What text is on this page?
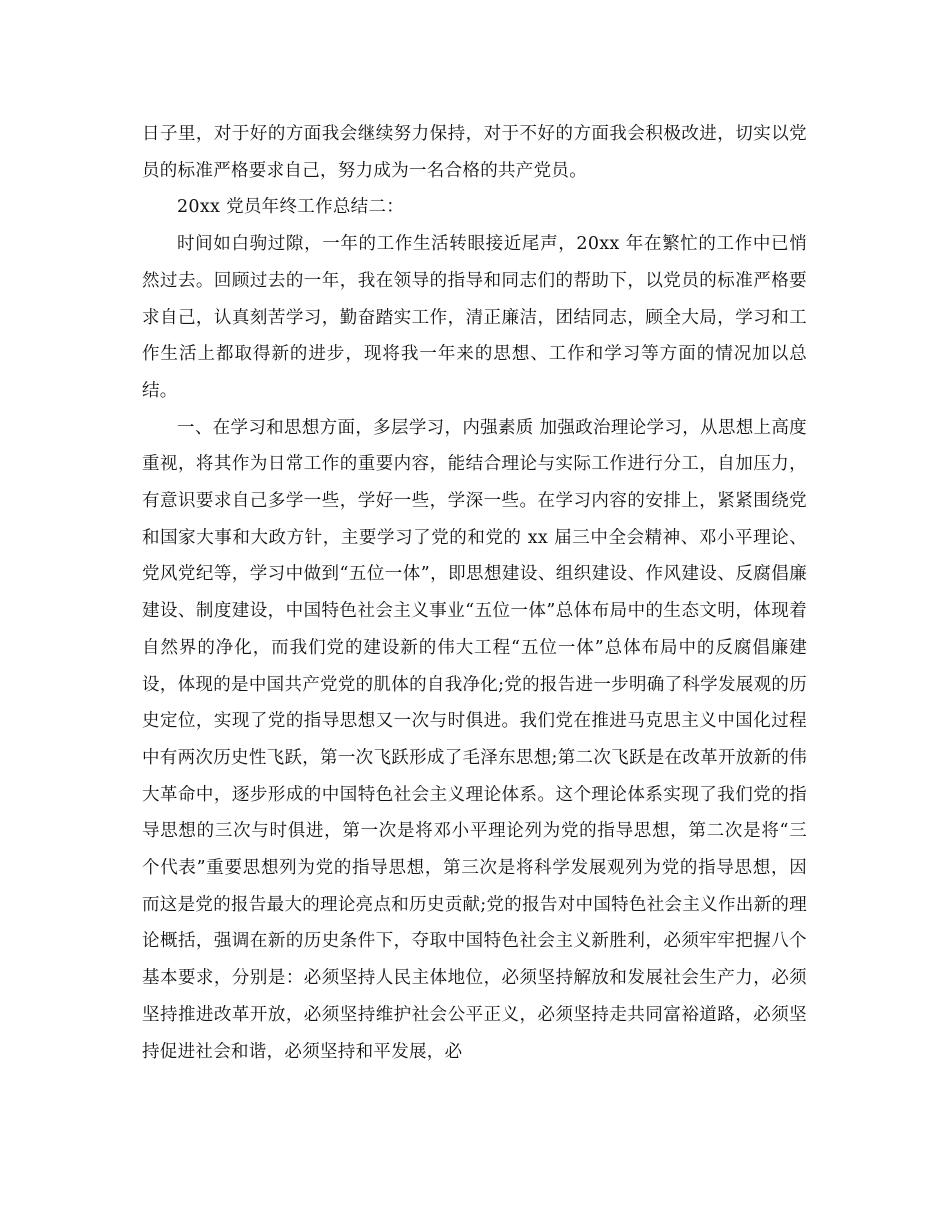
日子里，对于好的方面我会继续努力保持，对于不好的方面我会积极改进，切实以党员的标准严格要求自己，努力成为一名合格的共产党员。

20xx 党员年终工作总结二：

时间如白驹过隙，一年的工作生活转眼接近尾声，20xx 年在繁忙的工作中已悄然过去。回顾过去的一年，我在领导的指导和同志们的帮助下，以党员的标准严格要求自己，认真刻苦学习，勤奋踏实工作，清正廉洁，团结同志，顾全大局，学习和工作生活上都取得新的进步，现将我一年来的思想、工作和学习等方面的情况加以总结。

一、在学习和思想方面，多层学习，内强素质 加强政治理论学习，从思想上高度重视，将其作为日常工作的重要内容，能结合理论与实际工作进行分工，自加压力，有意识要求自己多学一些，学好一些，学深一些。在学习内容的安排上，紧紧围绕党和国家大事和大政方针，主要学习了党的和党的 xx 届三中全会精神、邓小平理论、党风党纪等，学习中做到“五位一体”，即思想建设、组织建设、作风建设、反腐倡廉建设、制度建设，中国特色社会主义事业“五位一体”总体布局中的生态文明，体现着自然界的净化，而我们党的建设新的伟大工程“五位一体”总体布局中的反腐倡廉建设，体现的是中国共产党党的肌体的自我净化;党的报告进一步明确了科学发展观的历史定位，实现了党的指导思想又一次与时俱进。我们党在推进马克思主义中国化过程中有两次历史性飞跃，第一次飞跃形成了毛泽东思想;第二次飞跃是在改革开放新的伟大革命中，逐步形成的中国特色社会主义理论体系。这个理论体系实现了我们党的指导思想的三次与时俱进，第一次是将邓小平理论列为党的指导思想，第二次是将“三个代表”重要思想列为党的指导思想，第三次是将科学发展观列为党的指导思想，因而这是党的报告最大的理论亮点和历史贡献;党的报告对中国特色社会主义作出新的理论概括，强调在新的历史条件下，夺取中国特色社会主义新胜利，必须牢牢把握八个基本要求，分别是：必须坚持人民主体地位，必须坚持解放和发展社会生产力，必须坚持推进改革开放，必须坚持维护社会公平正义，必须坚持走共同富裕道路，必须坚持促进社会和谐，必须坚持和平发展，必
